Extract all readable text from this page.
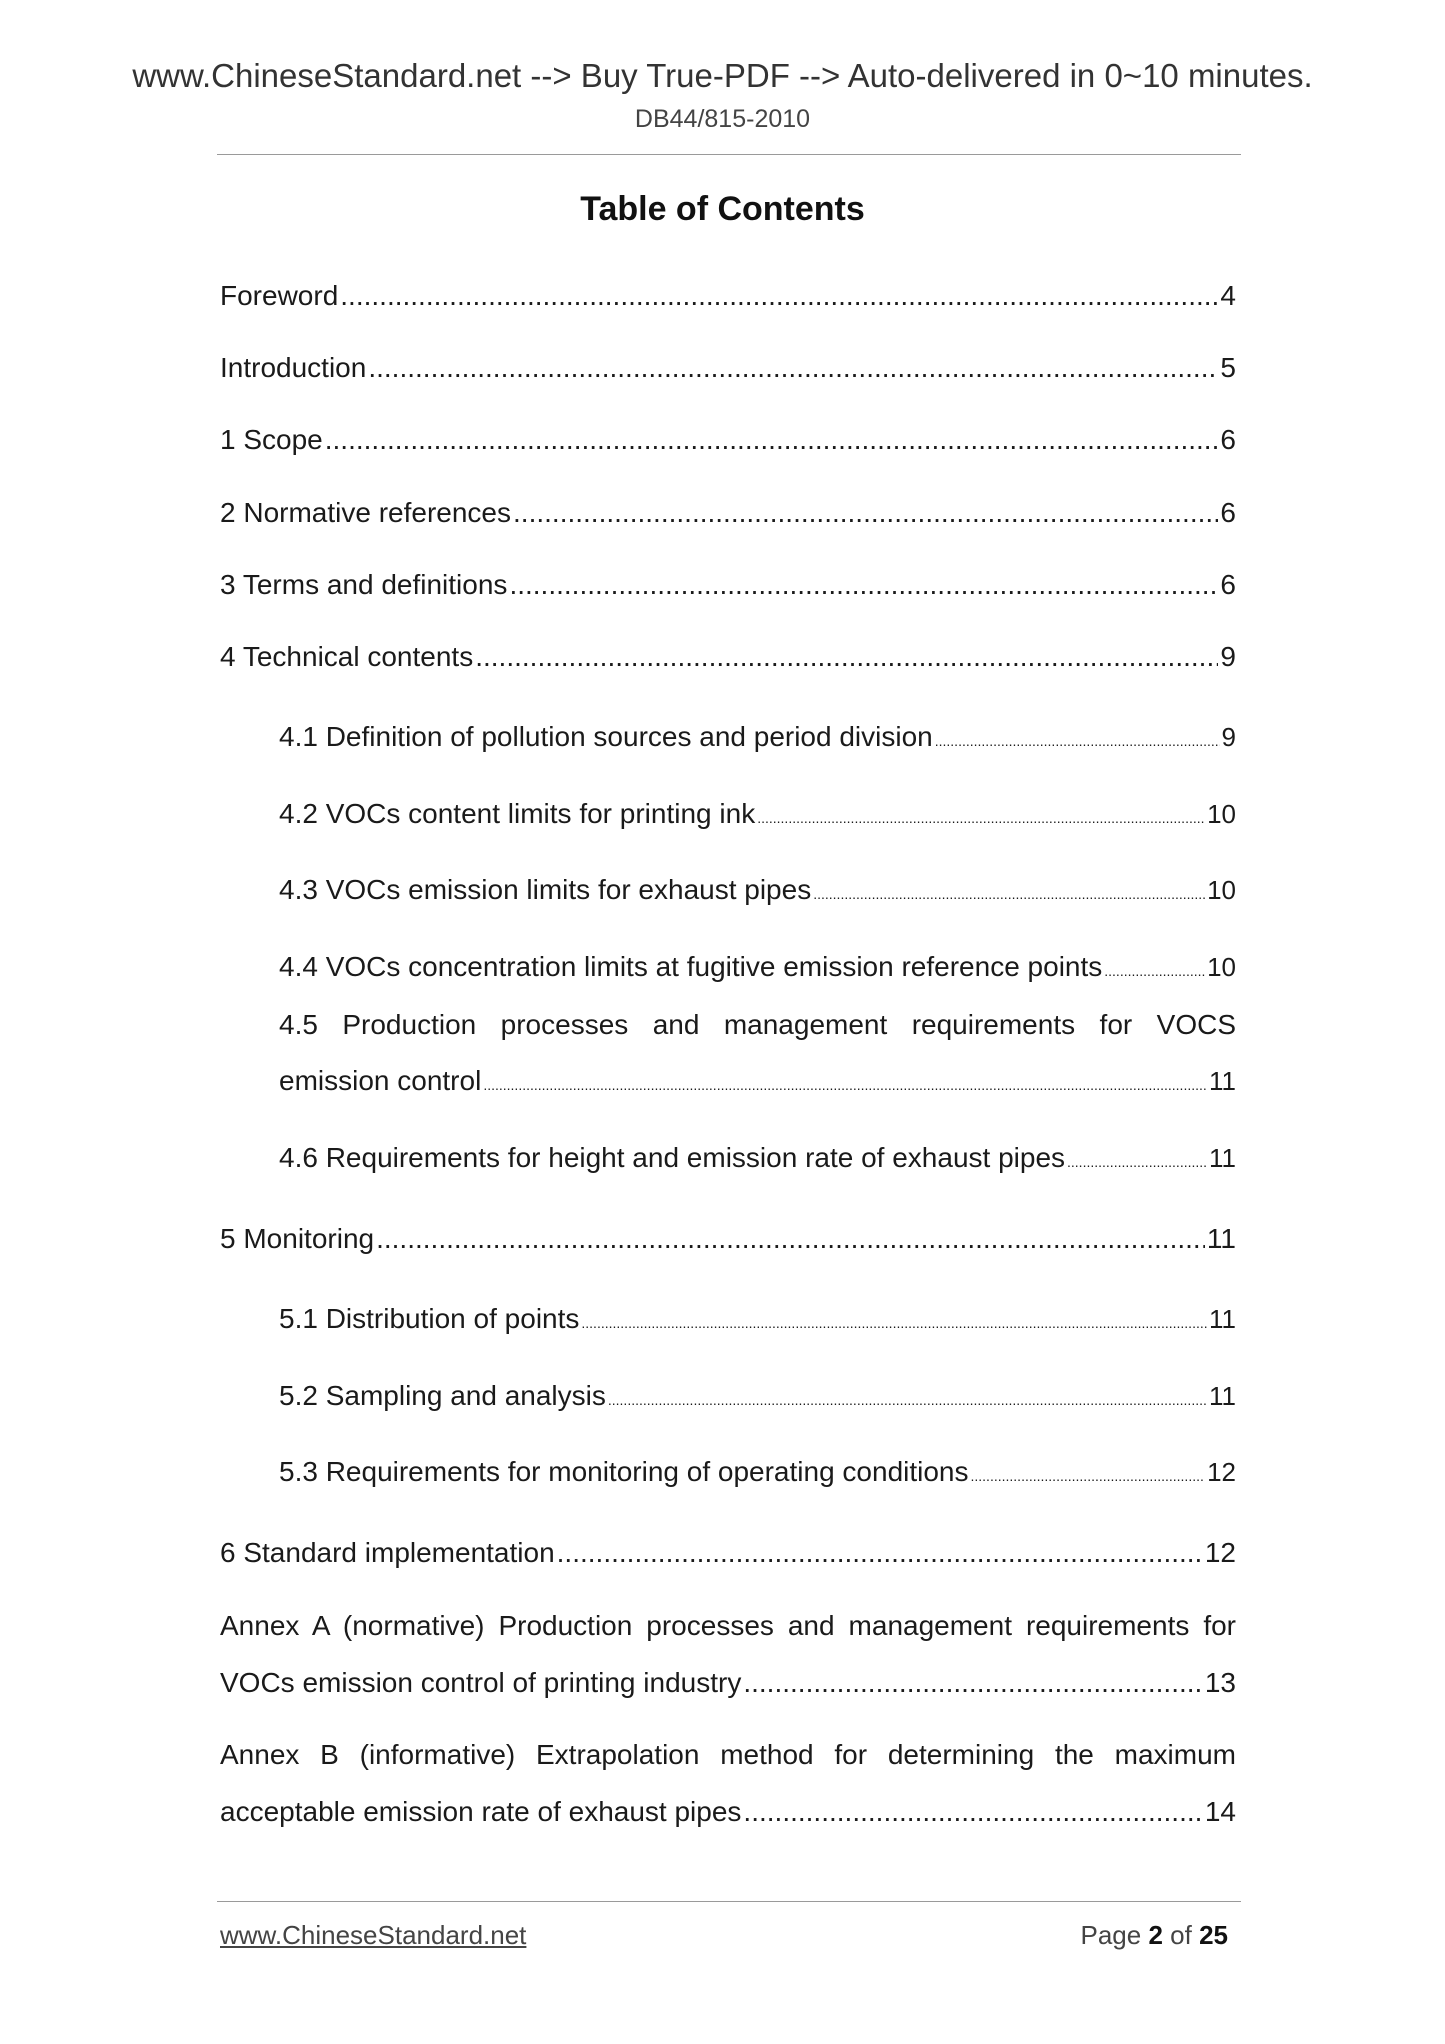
www.ChineseStandard.net --> Buy True-PDF --> Auto-delivered in 0~10 minutes.
DB44/815-2010
Table of Contents
Foreword .....	4
Introduction .....	5
1 Scope .....	6
2 Normative references .....	6
3 Terms and definitions .....	6
4 Technical contents .....	9
4.1 Definition of pollution sources and period division .....	9
4.2 VOCs content limits for printing ink .....	10
4.3 VOCs emission limits for exhaust pipes .....	10
4.4 VOCs concentration limits at fugitive emission reference points .....	10
4.5 Production processes and management requirements for VOCS
emission control .....	11
4.6 Requirements for height and emission rate of exhaust pipes .....	11
5 Monitoring .....	11
5.1 Distribution of points .....	11
5.2 Sampling and analysis .....	11
5.3 Requirements for monitoring of operating conditions .....	12
6 Standard implementation .....	12
Annex A (normative) Production processes and management requirements for
VOCs emission control of printing industry .....	13
Annex B (informative) Extrapolation method for determining the maximum
acceptable emission rate of exhaust pipes .....	14
www.ChineseStandard.net	Page 2 of 25
